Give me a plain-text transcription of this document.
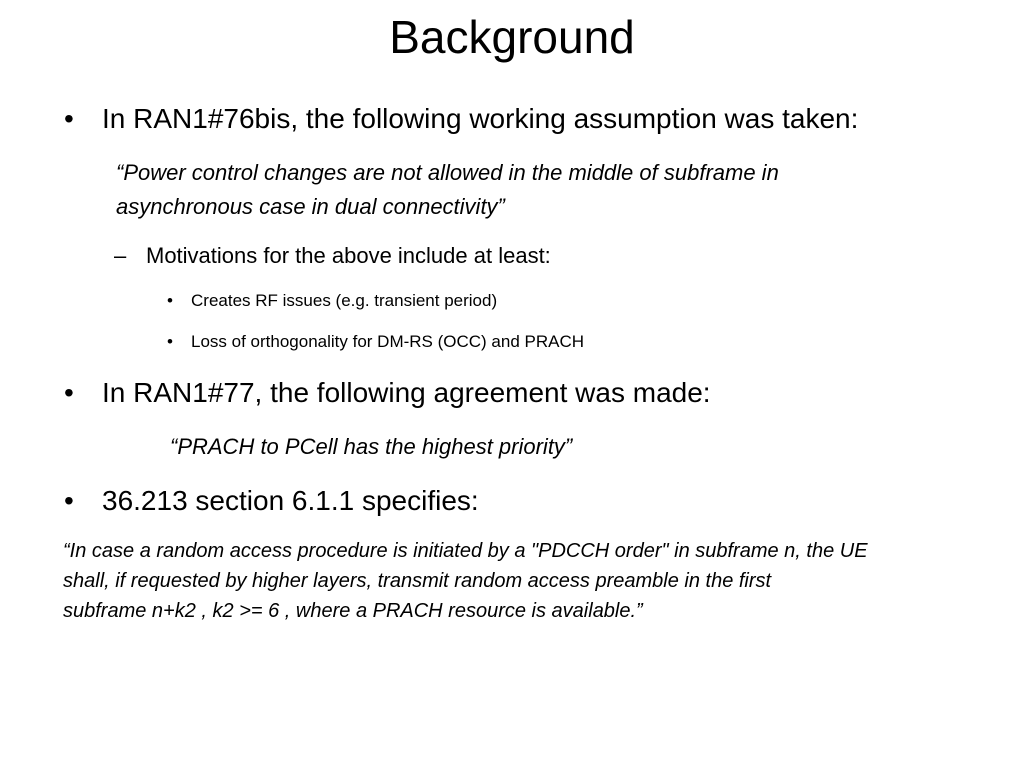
Background
• In RAN1#76bis, the following working assumption was taken:
“Power control changes are not allowed in the middle of subframe in
asynchronous case in dual connectivity”
– Motivations for the above include at least:
• Creates RF issues (e.g. transient period)
• Loss of orthogonality for DM-RS (OCC) and PRACH
• In RAN1#77, the following agreement was made:
“PRACH to PCell has the highest priority”
• 36.213 section 6.1.1 specifies:
“In case a random access procedure is initiated by a "PDCCH order" in subframe n, the UE
shall, if requested by higher layers, transmit random access preamble in the first
subframe n+k2 , k2 >= 6 , where a PRACH resource is available.”
